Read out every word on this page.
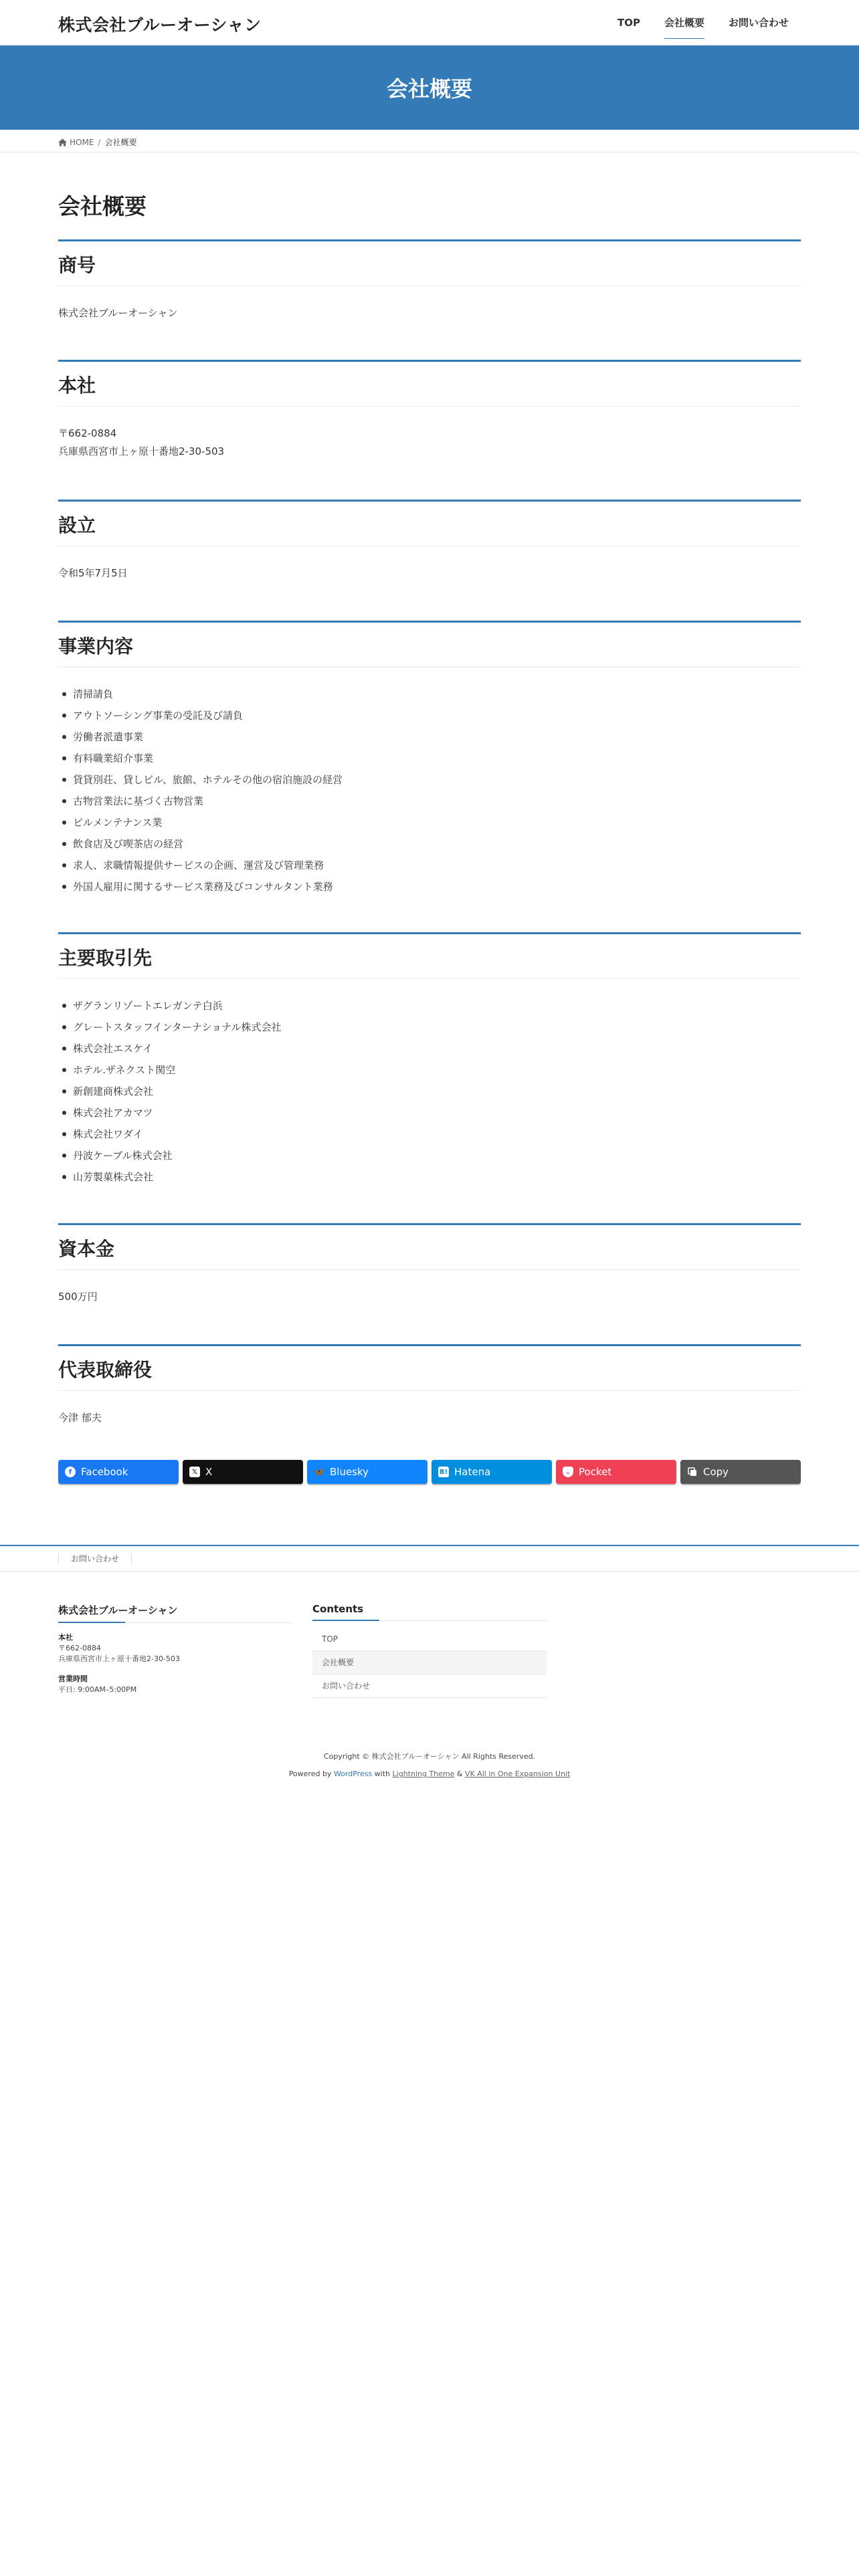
株式会社ブルーオーシャン	TOP	会社概要	お問い合わせ
会社概要
HOME / 会社概要
会社概要
商号
株式会社ブルーオーシャン
本社
〒662-0884
兵庫県西宮市上ヶ原十番地2-30-503
設立
令和5年7月5日
事業内容
清掃請負
アウトソーシング事業の受託及び請負
労働者派遣事業
有料職業紹介事業
貸貸別荘、貸しビル、旅館、ホテルその他の宿泊施設の経営
古物営業法に基づく古物営業
ビルメンテナンス業
飲食店及び喫茶店の経営
求人、求職情報提供サービスの企画、運営及び管理業務
外国人雇用に関するサービス業務及びコンサルタント業務
主要取引先
ザグランリゾートエレガンテ白浜
グレートスタッフインターナショナル株式会社
株式会社エスケイ
ホテル.ザネクスト関空
新創建商株式会社
株式会社アカマツ
株式会社ワダイ
丹波ケーブル株式会社
山芳製菓株式会社
資本金
500万円
代表取締役
今津 郁夫
f Facebook	𝕏 X	🦋 Bluesky	B! Hatena	⌄ Pocket	Copy
お問い合わせ
株式会社ブルーオーシャン
本社
〒662-0884
兵庫県西宮市上ヶ原十番地2-30-503
営業時間
平日: 9:00AM–5:00PM
Contents
TOP
会社概要
お問い合わせ
Copyright © 株式会社ブルーオーシャン All Rights Reserved.
Powered by WordPress with Lightning Theme & VK All in One Expansion Unit
